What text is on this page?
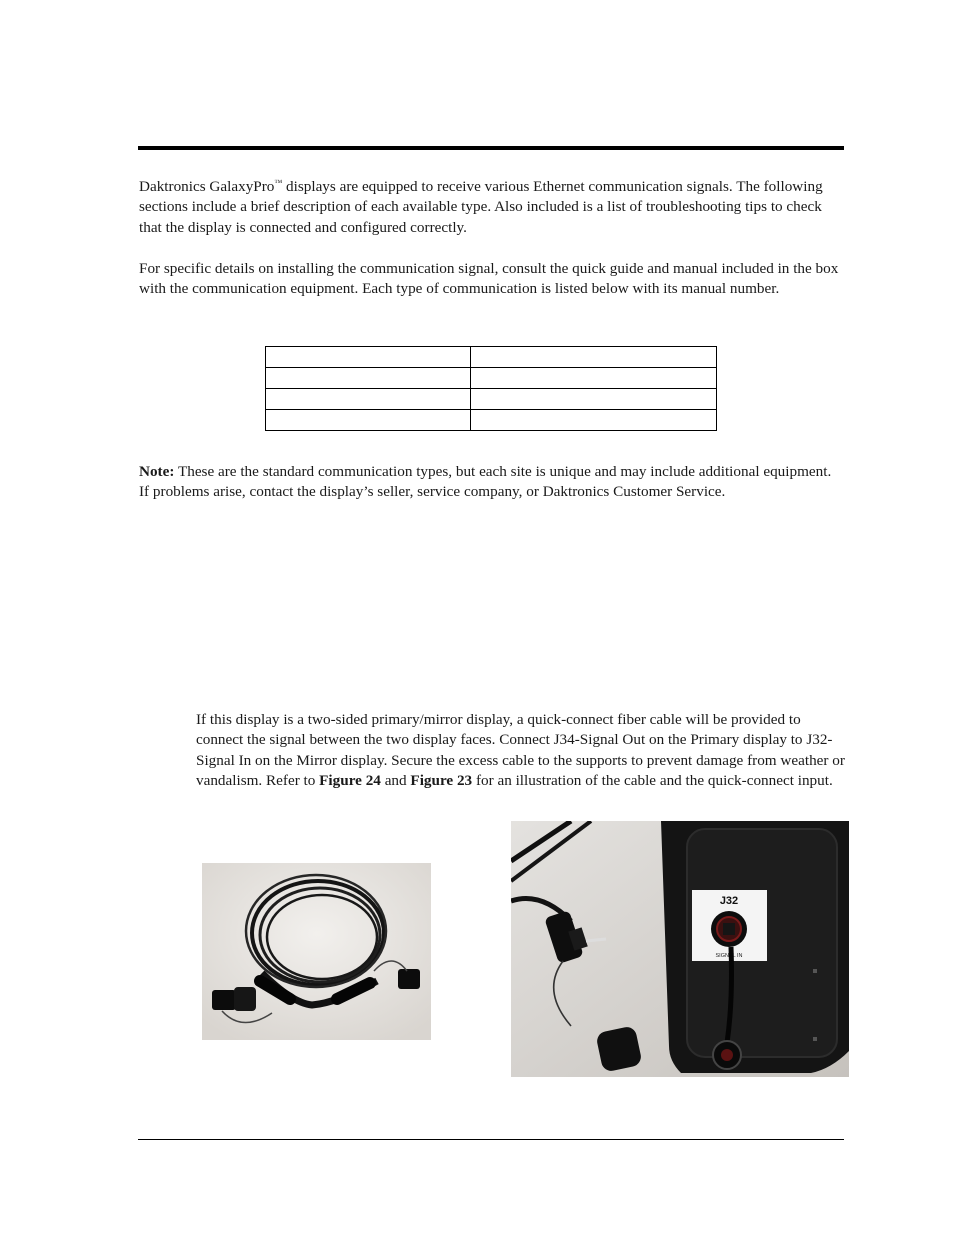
Daktronics GalaxyPro™ displays are equipped to receive various Ethernet communication signals. The following sections include a brief description of each available type. Also included is a list of troubleshooting tips to check that the display is connected and configured correctly.

For specific details on installing the communication signal, consult the quick guide and manual included in the box with the communication equipment. Each type of communication is listed below with its manual number.

Note: These are the standard communication types, but each site is unique and may include additional equipment. If problems arise, contact the display’s seller, service company, or Daktronics Customer Service.

If this display is a two-sided primary/mirror display, a quick-connect fiber cable will be provided to connect the signal between the two display faces. Connect J34-Signal Out on the Primary display to J32-Signal In on the Mirror display. Secure the excess cable to the supports to prevent damage from weather or vandalism. Refer to Figure 24 and Figure 23 for an illustration of the cable and the quick-connect input.

J32
SIGNAL IN
